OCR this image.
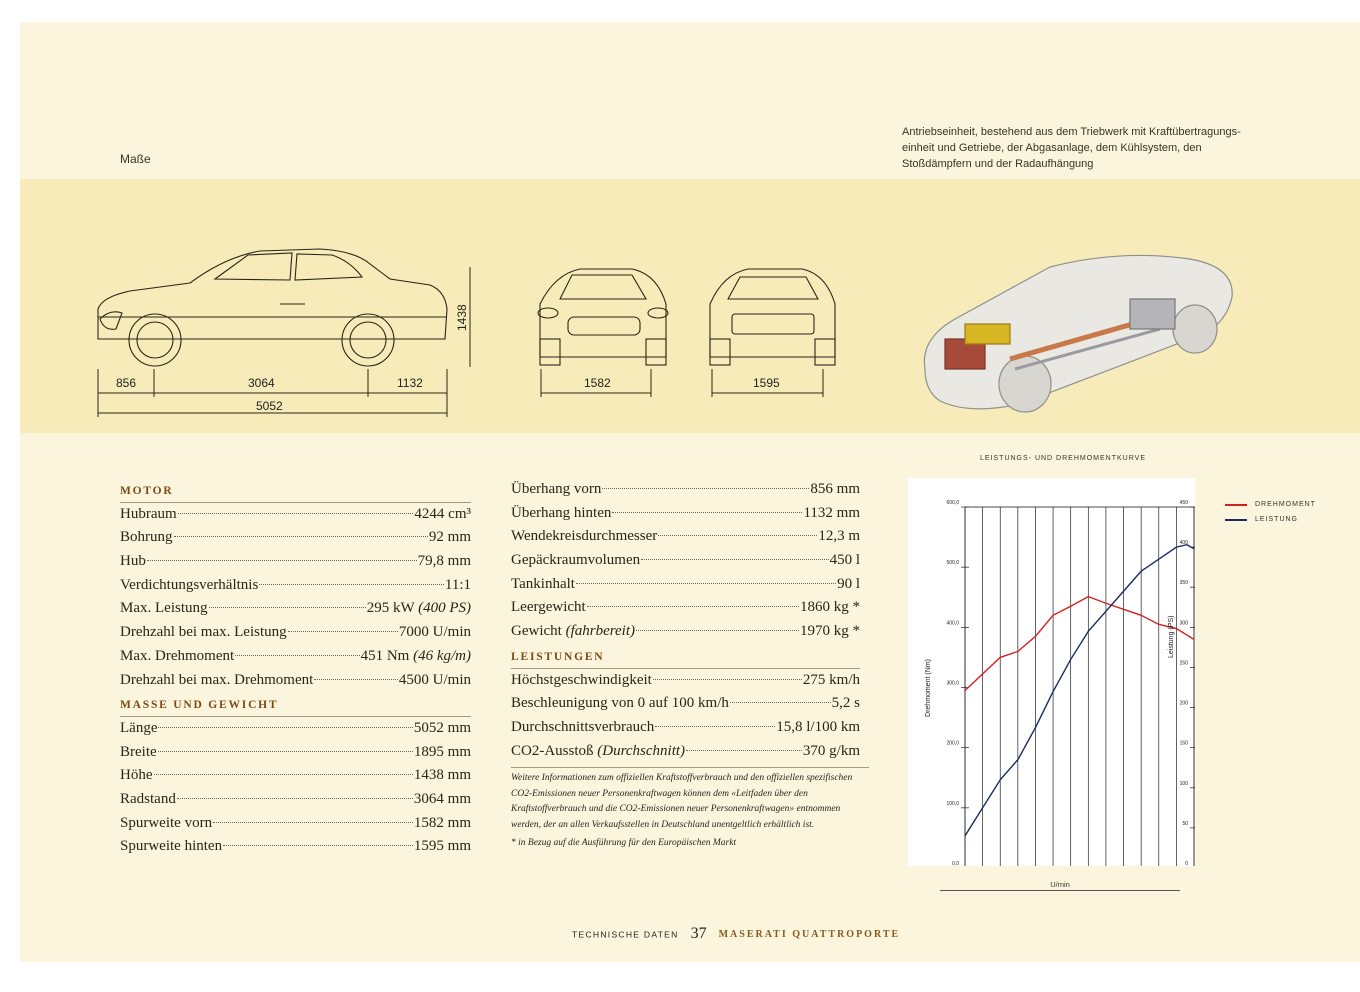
Maße
Antriebseinheit, bestehend aus dem Triebwerk mit Kraftübertragungs-einheit und Getriebe, der Abgasanlage, dem Kühlsystem, den Stoßdämpfern und der Radaufhängung
856	3064	1132
5052
1438
1582	1595
MOTOR
Hubraum	4244 cm³
Bohrung	92 mm
Hub	79,8 mm
Verdichtungsverhältnis	11:1
Max. Leistung	295 kW (400 PS)
Drehzahl bei max. Leistung	7000 U/min
Max. Drehmoment	451 Nm (46 kg/m)
Drehzahl bei max. Drehmoment	4500 U/min
MASSE UND GEWICHT
Länge	5052 mm
Breite	1895 mm
Höhe	1438 mm
Radstand	3064 mm
Spurweite vorn	1582 mm
Spurweite hinten	1595 mm
Überhang vorn	856 mm
Überhang hinten	1132 mm
Wendekreisdurchmesser	12,3 m
Gepäckraumvolumen	450 l
Tankinhalt	90 l
Leergewicht	1860 kg *
Gewicht (fahrbereit)	1970 kg *
LEISTUNGEN
Höchstgeschwindigkeit	275 km/h
Beschleunigung von 0 auf 100 km/h	5,2 s
Durchschnittsverbrauch	15,8 l/100 km
CO2-Ausstoß (Durchschnitt)	370 g/km
Weitere Informationen zum offiziellen Kraftstoffverbrauch und den offiziellen spezifischen CO2-Emissionen neuer Personenkraftwagen können dem «Leitfaden über den Kraftstoffverbrauch und die CO2-Emissionen neuer Personenkraftwagen» entnommen werden, der an allen Verkaufsstellen in Deutschland unentgeltlich erhältlich ist.
* in Bezug auf die Ausführung für den Europäischen Markt
LEISTUNGS- UND DREHMOMENTKURVE
0,0
100,0
200,0
300,0
400,0
500,0
600,0
0
50
100
150
200
250
300
350
400
450
Drehmoment (Nm)
DREHMOMENT
LEISTUNG
U/min
TECHNISCHE DATEN 37 MASERATI QUATTROPORTE
Leistung (PS)
